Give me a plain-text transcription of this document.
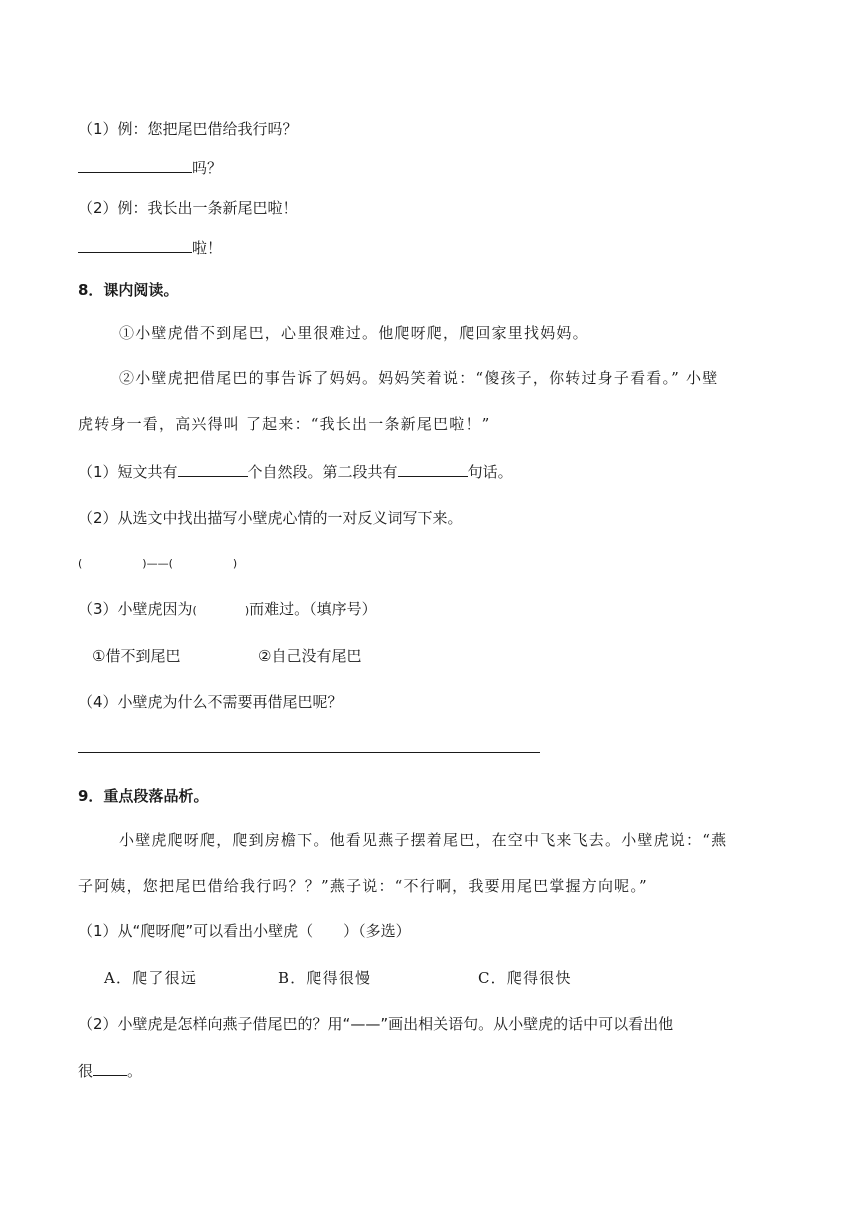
（1）例：您把尾巴借给我行吗？
吗？
（2）例：我长出一条新尾巴啦！
啦！
8．课内阅读。
①小壁虎借不到尾巴，心里很难过。他爬呀爬，爬回家里找妈妈。
②小壁虎把借尾巴的事告诉了妈妈。妈妈笑着说：“傻孩子，你转过身子看看。” 小壁
虎转身一看，高兴得叫 了起来：“我长出一条新尾巴啦！”
（1）短文共有	个自然段。第二段共有	句话。
（2）从选文中找出描写小壁虎心情的一对反义词写下来。
(	)——(	)
（3）小壁虎因为(	)而难过。（填序号）
①借不到尾巴	②自己没有尾巴
（4）小壁虎为什么不需要再借尾巴呢？
9．重点段落品析。
小壁虎爬呀爬，爬到房檐下。他看见燕子摆着尾巴，在空中飞来飞去。小壁虎说：“燕
子阿姨，您把尾巴借给我行吗？？”燕子说：“不行啊，我要用尾巴掌握方向呢。”
（1）从“爬呀爬”可以看出小壁虎（　　）（多选）
A．爬了很远	B．爬得很慢	C．爬得很快
（2）小壁虎是怎样向燕子借尾巴的？用“——”画出相关语句。从小壁虎的话中可以看出他
很 。
